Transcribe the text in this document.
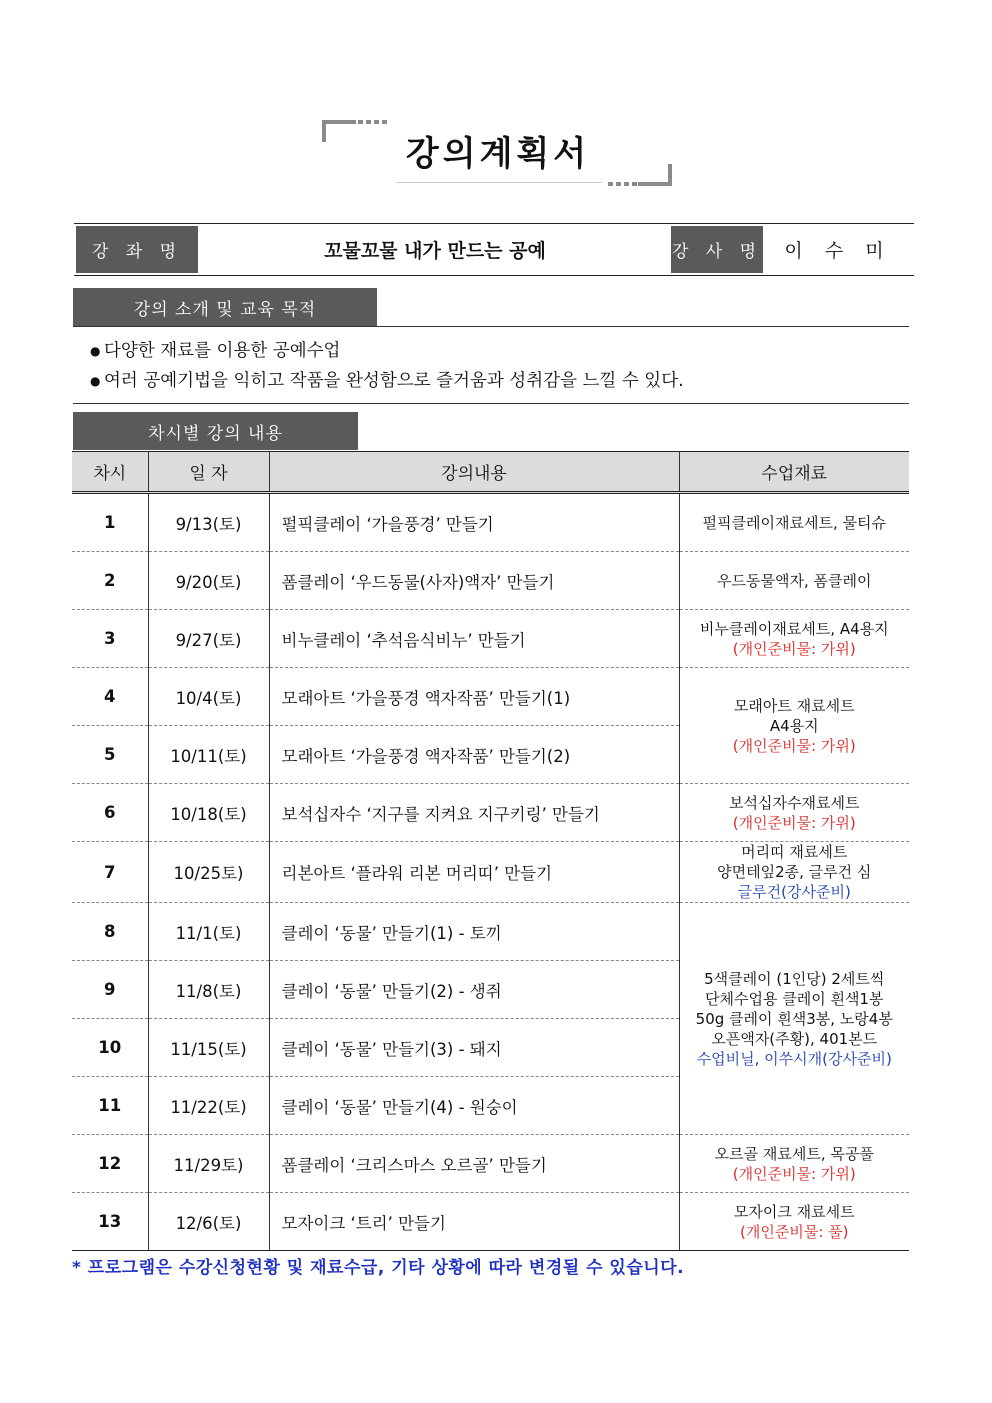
강의계획서
강 좌 명	꼬물꼬물 내가 만드는 공예	강 사 명	이 수 미
강의 소개 및 교육 목적
● 다양한 재료를 이용한 공예수업
● 여러 공예기법을 익히고 작품을 완성함으로 즐거움과 성취감을 느낄 수 있다.
차시별 강의 내용
차시	일 자	강의내용	수업재료
1	9/13(토)	펄픽클레이 ‘가을풍경’ 만들기	펄픽클레이재료세트, 물티슈

2	9/20(토)	폼클레이 ‘우드동물(사자)액자’ 만들기	우드동물액자, 폼클레이

3	9/27(토)	비누클레이 ‘추석음식비누’ 만들기	비누클레이재료세트, A4용지
(개인준비물: 가위)

4	10/4(토)	모래아트 ‘가을풍경 액자작품’ 만들기(1)	모래아트 재료세트
A4용지
(개인준비물: 가위)

5	10/11(토)	모래아트 ‘가을풍경 액자작품’ 만들기(2)	
6	10/18(토)	보석십자수 ‘지구를 지켜요 지구키링’ 만들기	보석십자수재료세트
(개인준비물: 가위)

7	10/25토)	리본아트 ‘플라워 리본 머리띠’ 만들기	머리띠 재료세트
양면테잎2종, 글루건 심
글루건(강사준비)

8	11/1(토)	클레이 ‘동물’ 만들기(1) - 토끼	5색클레이 (1인당) 2세트씩
단체수업용 클레이 흰색1봉
50g 클레이 흰색3봉, 노랑4봉
오픈액자(주황), 401본드
수업비닐, 이쑤시개(강사준비)

9	11/8(토)	클레이 ‘동물’ 만들기(2) - 생쥐	
10	11/15(토)	클레이 ‘동물’ 만들기(3) - 돼지	
11	11/22(토)	클레이 ‘동물’ 만들기(4) - 원숭이	
12	11/29토)	폼클레이 ‘크리스마스 오르골’ 만들기	오르골 재료세트, 목공풀
(개인준비물: 가위)

13	12/6(토)	모자이크 ‘트리’ 만들기	모자이크 재료세트
(개인준비물: 풀)
* 프로그램은 수강신청현황 및 재료수급, 기타 상황에 따라 변경될 수 있습니다.
